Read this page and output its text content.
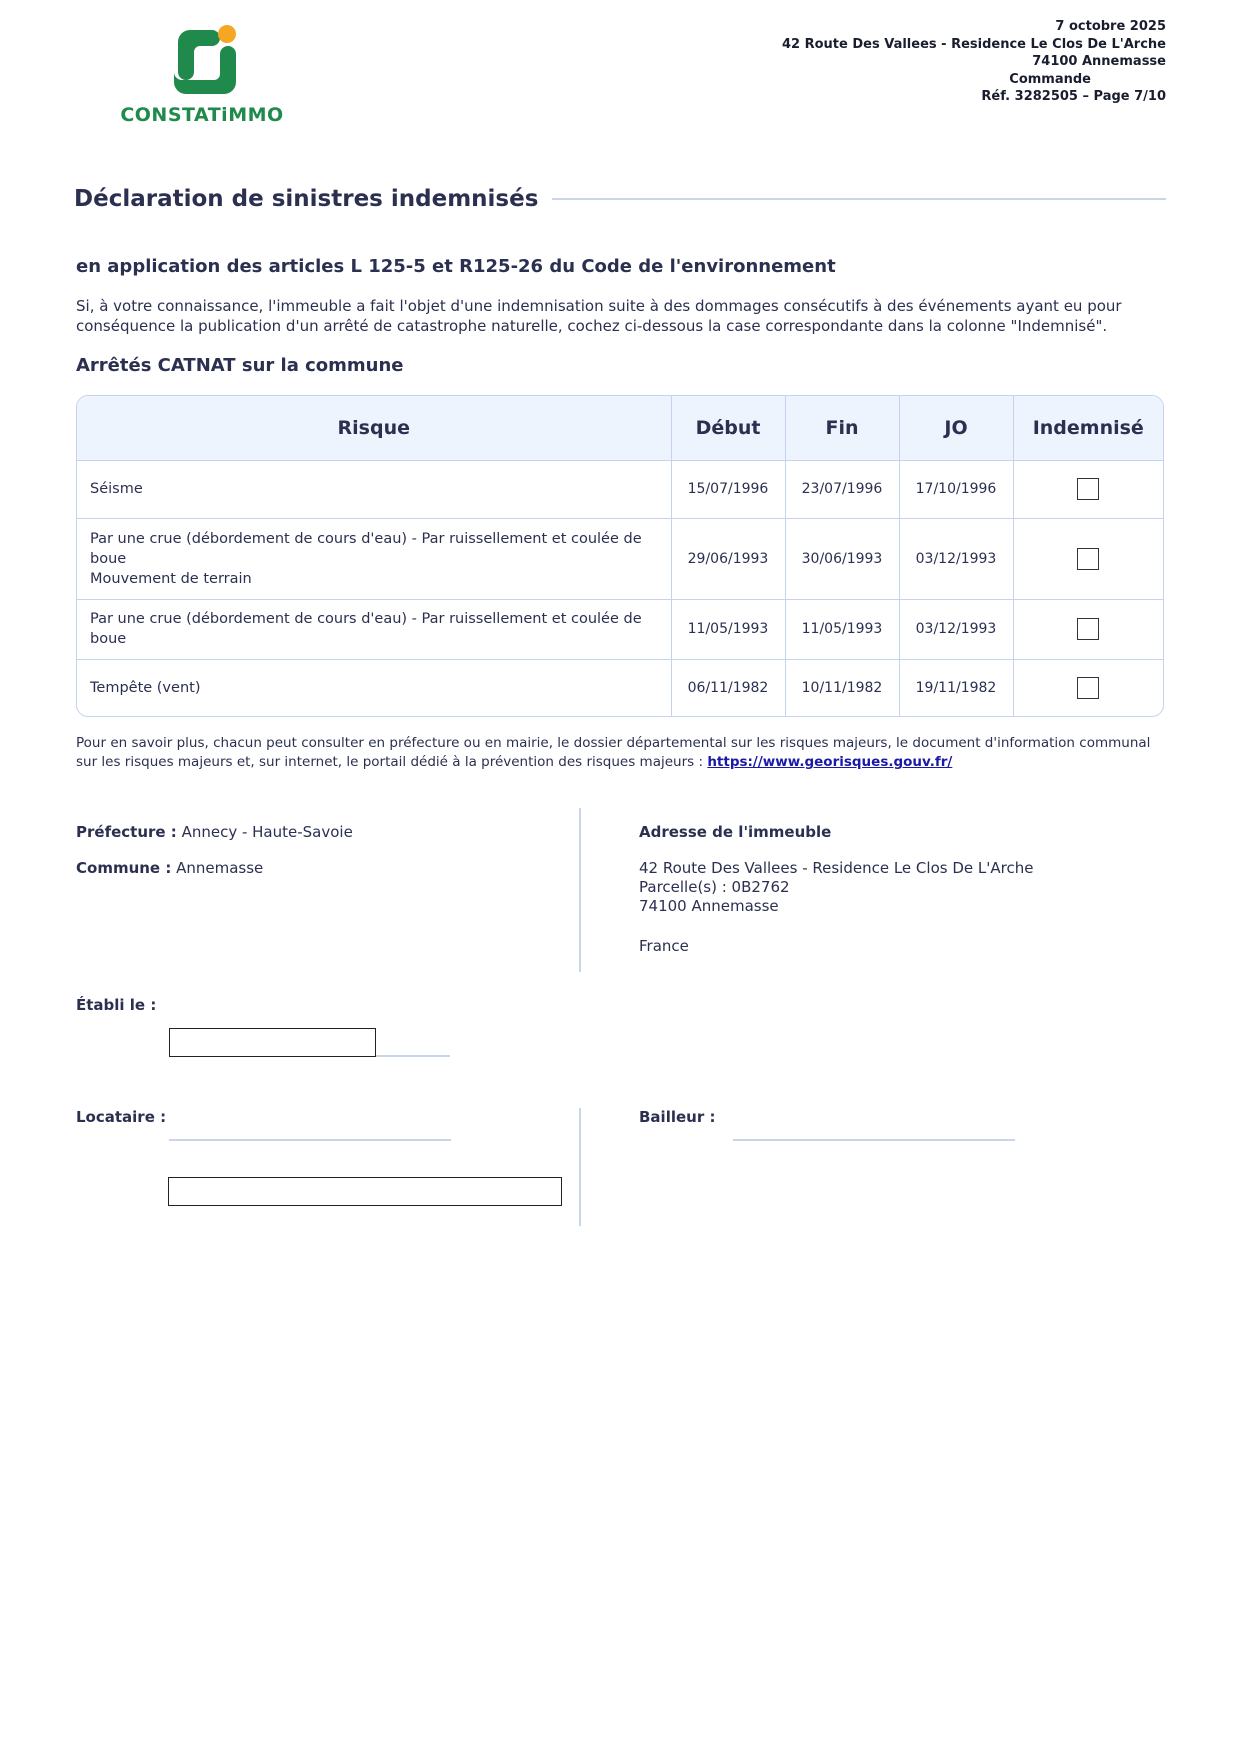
CONSTATiMMO
7 octobre 2025
42 Route Des Vallees - Residence Le Clos De L'Arche
74100 Annemasse
Commande
Réf. 3282505 – Page 7/10
Déclaration de sinistres indemnisés
en application des articles L 125-5 et R125-26 du Code de l'environnement

Si, à votre connaissance, l'immeuble a fait l'objet d'une indemnisation suite à des dommages consécutifs à des événements ayant eu pour conséquence la publication d'un arrêté de catastrophe naturelle, cochez ci-dessous la case correspondante dans la colonne "Indemnisé".

Arrêtés CATNAT sur la commune
Risque	Début	Fin	JO	Indemnisé

Séisme	15/07/1996	23/07/1996	17/10/1996	

Par une crue (débordement de cours d'eau) - Par ruissellement et coulée de boue
Mouvement de terrain	29/06/1993	30/06/1993	03/12/1993	

Par une crue (débordement de cours d'eau) - Par ruissellement et coulée de boue	11/05/1993	11/05/1993	03/12/1993	

Tempête (vent)	06/11/1982	10/11/1982	19/11/1982	

Pour en savoir plus, chacun peut consulter en préfecture ou en mairie, le dossier départemental sur les risques majeurs, le document d'information communal sur les risques majeurs et, sur internet, le portail dédié à la prévention des risques majeurs : https://www.georisques.gouv.fr/

Préfecture : Annecy - Haute-Savoie
Commune : Annemasse
Adresse de l'immeuble
42 Route Des Vallees - Residence Le Clos De L'Arche
Parcelle(s) : 0B2762
74100 Annemasse
France
Établi le :
Locataire :	Bailleur :
